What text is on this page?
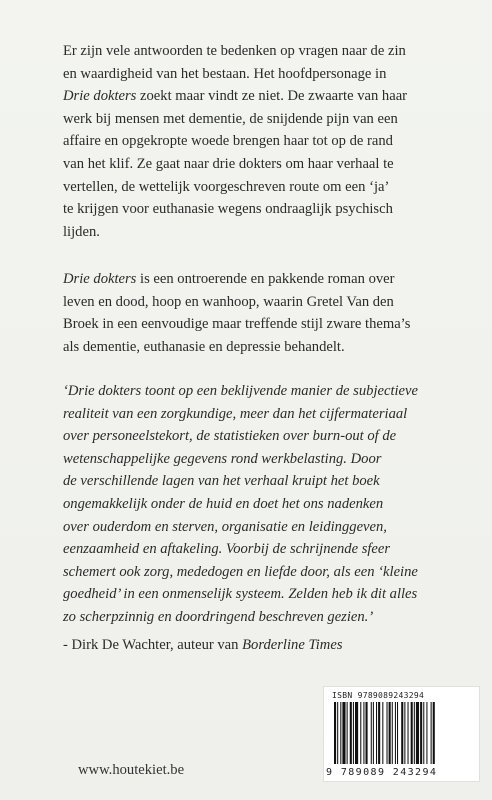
Er zijn vele antwoorden te bedenken op vragen naar de zin
en waardigheid van het bestaan. Het hoofdpersonage in
Drie dokters zoekt maar vindt ze niet. De zwaarte van haar
werk bij mensen met dementie, de snijdende pijn van een
affaire en opgekropte woede brengen haar tot op de rand
van het klif. Ze gaat naar drie dokters om haar verhaal te
vertellen, de wettelijk voorgeschreven route om een ‘ja’
te krijgen voor euthanasie wegens ondraaglijk psychisch
lijden.

Drie dokters is een ontroerende en pakkende roman over
leven en dood, hoop en wanhoop, waarin Gretel Van den
Broek in een eenvoudige maar treffende stijl zware thema’s
als dementie, euthanasie en depressie behandelt.

‘Drie dokters toont op een beklijvende manier de subjectieve
realiteit van een zorgkundige, meer dan het cijfermateriaal
over personeelstekort, de statistieken over burn-out of de
wetenschappelijke gegevens rond werkbelasting. Door
de verschillende lagen van het verhaal kruipt het boek
ongemakkelijk onder de huid en doet het ons nadenken
over ouderdom en sterven, organisatie en leidinggeven,
eenzaamheid en aftakeling. Voorbij de schrijnende sfeer
schemert ook zorg, mededogen en liefde door, als een ‘kleine
goedheid’ in een onmenselijk systeem. Zelden heb ik dit alles
zo scherpzinnig en doordringend beschreven gezien.’

- Dirk De Wachter, auteur van Borderline Times

ISBN 9789089243294
9 789089 243294
www.houtekiet.be
